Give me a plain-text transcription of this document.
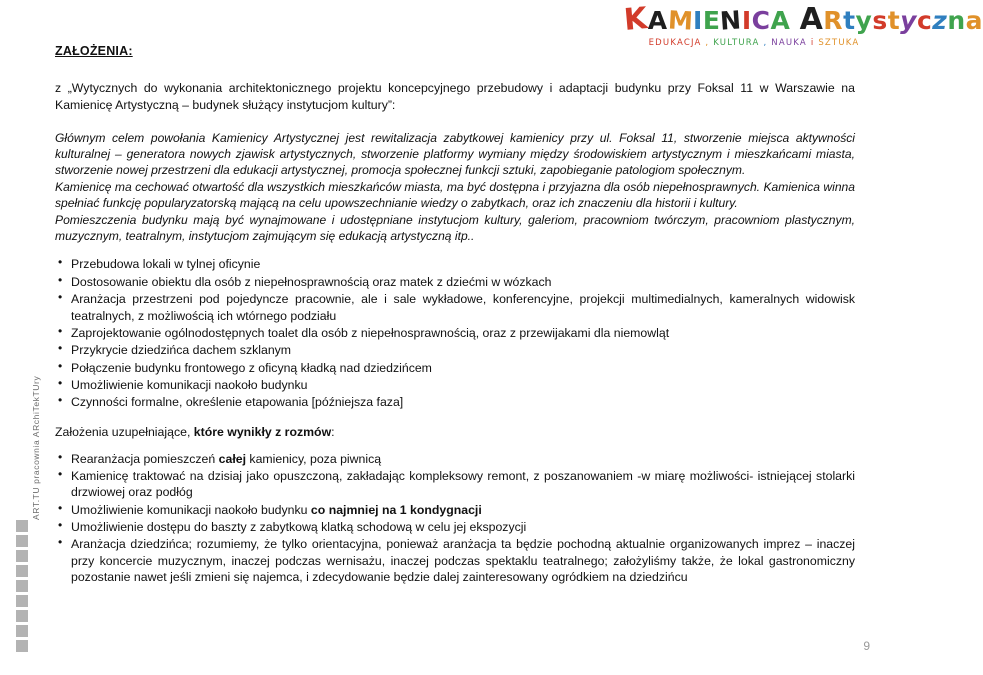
KAMIENICA ARtystyczna
EDUKACJA , KULTURA , NAUKA i SZTUKA
ART.TU pracownia ARchiTekTUry
ZAŁOŻENIA:
z „Wytycznych do wykonania architektonicznego projektu koncepcyjnego przebudowy i adaptacji budynku przy Foksal 11 w Warszawie na Kamienicę Artystyczną – budynek służący instytucjom kultury”:

Głównym celem powołania Kamienicy Artystycznej jest rewitalizacja zabytkowej kamienicy przy ul. Foksal 11, stworzenie miejsca aktywności kulturalnej – generatora nowych zjawisk artystycznych, stworzenie platformy wymiany między środowiskiem artystycznym i mieszkańcami miasta, stworzenie nowej przestrzeni dla edukacji artystycznej, promocja społecznej funkcji sztuki, zapobieganie patologiom społecznym.

Kamienicę ma cechować otwartość dla wszystkich mieszkańców miasta, ma być dostępna i przyjazna dla osób niepełnosprawnych. Kamienica winna spełniać funkcję popularyzatorską mającą na celu upowszechnianie wiedzy o zabytkach, oraz ich znaczeniu dla historii i kultury.

Pomieszczenia budynku mają być wynajmowane i udostępniane instytucjom kultury, galeriom, pracowniom twórczym, pracowniom plastycznym, muzycznym, teatralnym, instytucjom zajmującym się edukacją artystyczną itp..

• Przebudowa lokali w tylnej oficynie
• Dostosowanie obiektu dla osób z niepełnosprawnością oraz matek z dziećmi w wózkach
• Aranżacja przestrzeni pod pojedyncze pracownie, ale i sale wykładowe, konferencyjne, projekcji multimedialnych, kameralnych widowisk teatralnych, z możliwością ich wtórnego podziału
• Zaprojektowanie ogólnodostępnych toalet dla osób z niepełnosprawnością, oraz z przewijakami dla niemowląt
• Przykrycie dziedzińca dachem szklanym
• Połączenie budynku frontowego z oficyną kładką nad dziedzińcem
• Umożliwienie komunikacji naokoło budynku
• Czynności formalne, określenie etapowania [późniejsza faza]
Założenia uzupełniające, które wynikły z rozmów:
• Rearanżacja pomieszczeń całej kamienicy, poza piwnicą
• Kamienicę traktować na dzisiaj jako opuszczoną, zakładając kompleksowy remont, z poszanowaniem -w miarę możliwości- istniejącej stolarki drzwiowej oraz podłóg
• Umożliwienie komunikacji naokoło budynku co najmniej na 1 kondygnacji
• Umożliwienie dostępu do baszty z zabytkową klatką schodową w celu jej ekspozycji
• Aranżacja dziedzińca; rozumiemy, że tylko orientacyjna, ponieważ aranżacja ta będzie pochodną aktualnie organizowanych imprez – inaczej przy koncercie muzycznym, inaczej podczas wernisażu, inaczej podczas spektaklu teatralnego; założyliśmy także, że lokal gastronomiczny pozostanie nawet jeśli zmieni się najemca, i zdecydowanie będzie dalej zainteresowany ogródkiem na dziedzińcu
9
